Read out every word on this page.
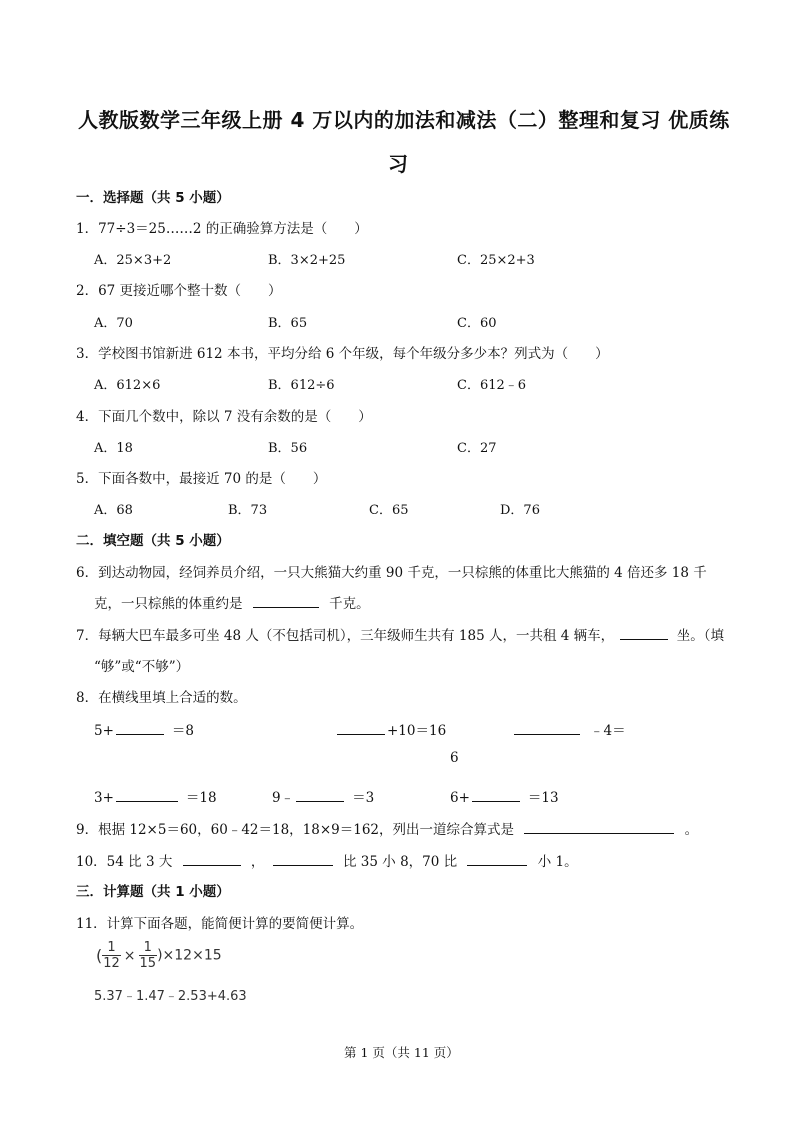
人教版数学三年级上册 4 万以内的加法和减法（二）整理和复习 优质练
习
一．选择题（共 5 小题）
1．77÷3＝25……2 的正确验算方法是（　　）
A．25×3+2	B．3×2+25	C．25×2+3
2．67 更接近哪个整十数（　　）
A．70	B．65	C．60
3．学校图书馆新进 612 本书，平均分给 6 个年级，每个年级分多少本？列式为（　　）
A．612×6	B．612÷6	C．612﹣6
4．下面几个数中，除以 7 没有余数的是（　　）
A．18	B．56	C．27
5．下面各数中，最接近 70 的是（　　）
A．68	B．73	C．65	D．76
二．填空题（共 5 小题）
6．到达动物园，经饲养员介绍，一只大熊猫大约重 90 千克，一只棕熊的体重比大熊猫的 4 倍还多 18 千
克，一只棕熊的体重约是	千克。
7．每辆大巴车最多可坐 48 人（不包括司机），三年级师生共有 185 人，一共租 4 辆车，	坐。（填
“够”或“不够”）
8．在横线里填上合适的数。
5+	＝8	+10＝16	﹣4＝
6
3+	＝18	9﹣	＝3	6+	＝13
9．根据 12×5＝60，60﹣42＝18，18×9＝162，列出一道综合算式是	。
10．54 比 3 大	，	比 35 小 8，70 比	小 1。
三．计算题（共 1 小题）
11．计算下面各题，能简便计算的要简便计算。
( $\frac{1}{12} \times \frac{1}{15} )\times 12\times 15$
5.37﹣1.47﹣2.53+4.63
第 1 页（共 11 页）
